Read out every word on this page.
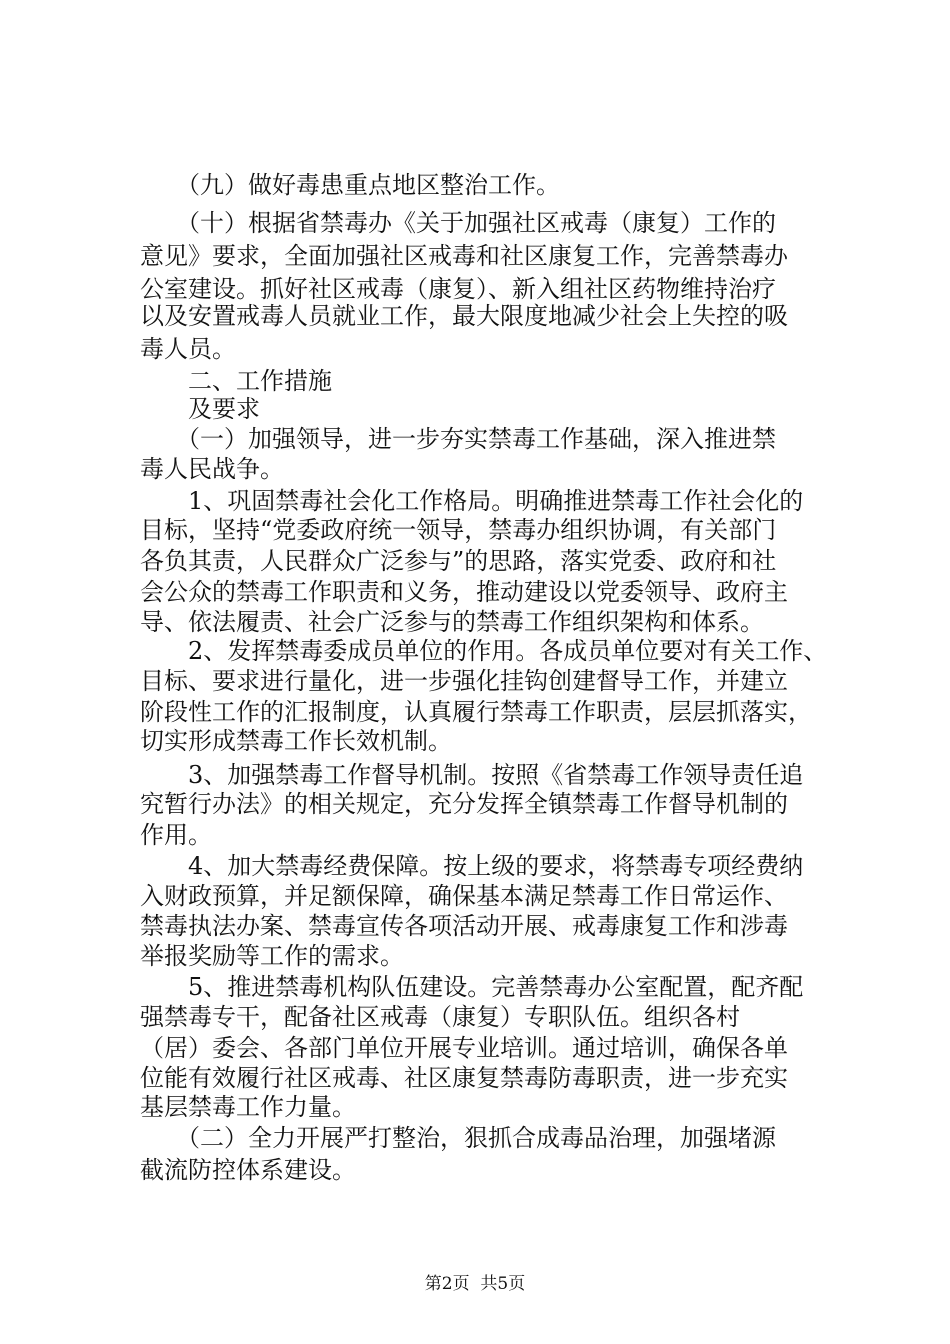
　　（九）做好毒患重点地区整治工作。
　　（十）根据省禁毒办《关于加强社区戒毒（康复）工作的
意见》要求，全面加强社区戒毒和社区康复工作，完善禁毒办
公室建设。抓好社区戒毒（康复）、新入组社区药物维持治疗
以及安置戒毒人员就业工作，最大限度地减少社会上失控的吸
毒人员。
　　二、工作措施
　　及要求
　　（一）加强领导，进一步夯实禁毒工作基础，深入推进禁
毒人民战争。
　　1、巩固禁毒社会化工作格局。明确推进禁毒工作社会化的
目标，坚持“党委政府统一领导，禁毒办组织协调，有关部门
各负其责，人民群众广泛参与”的思路，落实党委、政府和社
会公众的禁毒工作职责和义务，推动建设以党委领导、政府主
导、依法履责、社会广泛参与的禁毒工作组织架构和体系。
　　2、发挥禁毒委成员单位的作用。各成员单位要对有关工作、
目标、要求进行量化，进一步强化挂钩创建督导工作，并建立
阶段性工作的汇报制度，认真履行禁毒工作职责，层层抓落实，
切实形成禁毒工作长效机制。
　　3、加强禁毒工作督导机制。按照《省禁毒工作领导责任追
究暂行办法》的相关规定，充分发挥全镇禁毒工作督导机制的
作用。
　　4、加大禁毒经费保障。按上级的要求，将禁毒专项经费纳
入财政预算，并足额保障，确保基本满足禁毒工作日常运作、
禁毒执法办案、禁毒宣传各项活动开展、戒毒康复工作和涉毒
举报奖励等工作的需求。
　　5、推进禁毒机构队伍建设。完善禁毒办公室配置，配齐配
强禁毒专干，配备社区戒毒（康复）专职队伍。组织各村
（居）委会、各部门单位开展专业培训。通过培训，确保各单
位能有效履行社区戒毒、社区康复禁毒防毒职责，进一步充实
基层禁毒工作力量。
　　（二）全力开展严打整治，狠抓合成毒品治理，加强堵源
截流防控体系建设。
第2页  共5页
